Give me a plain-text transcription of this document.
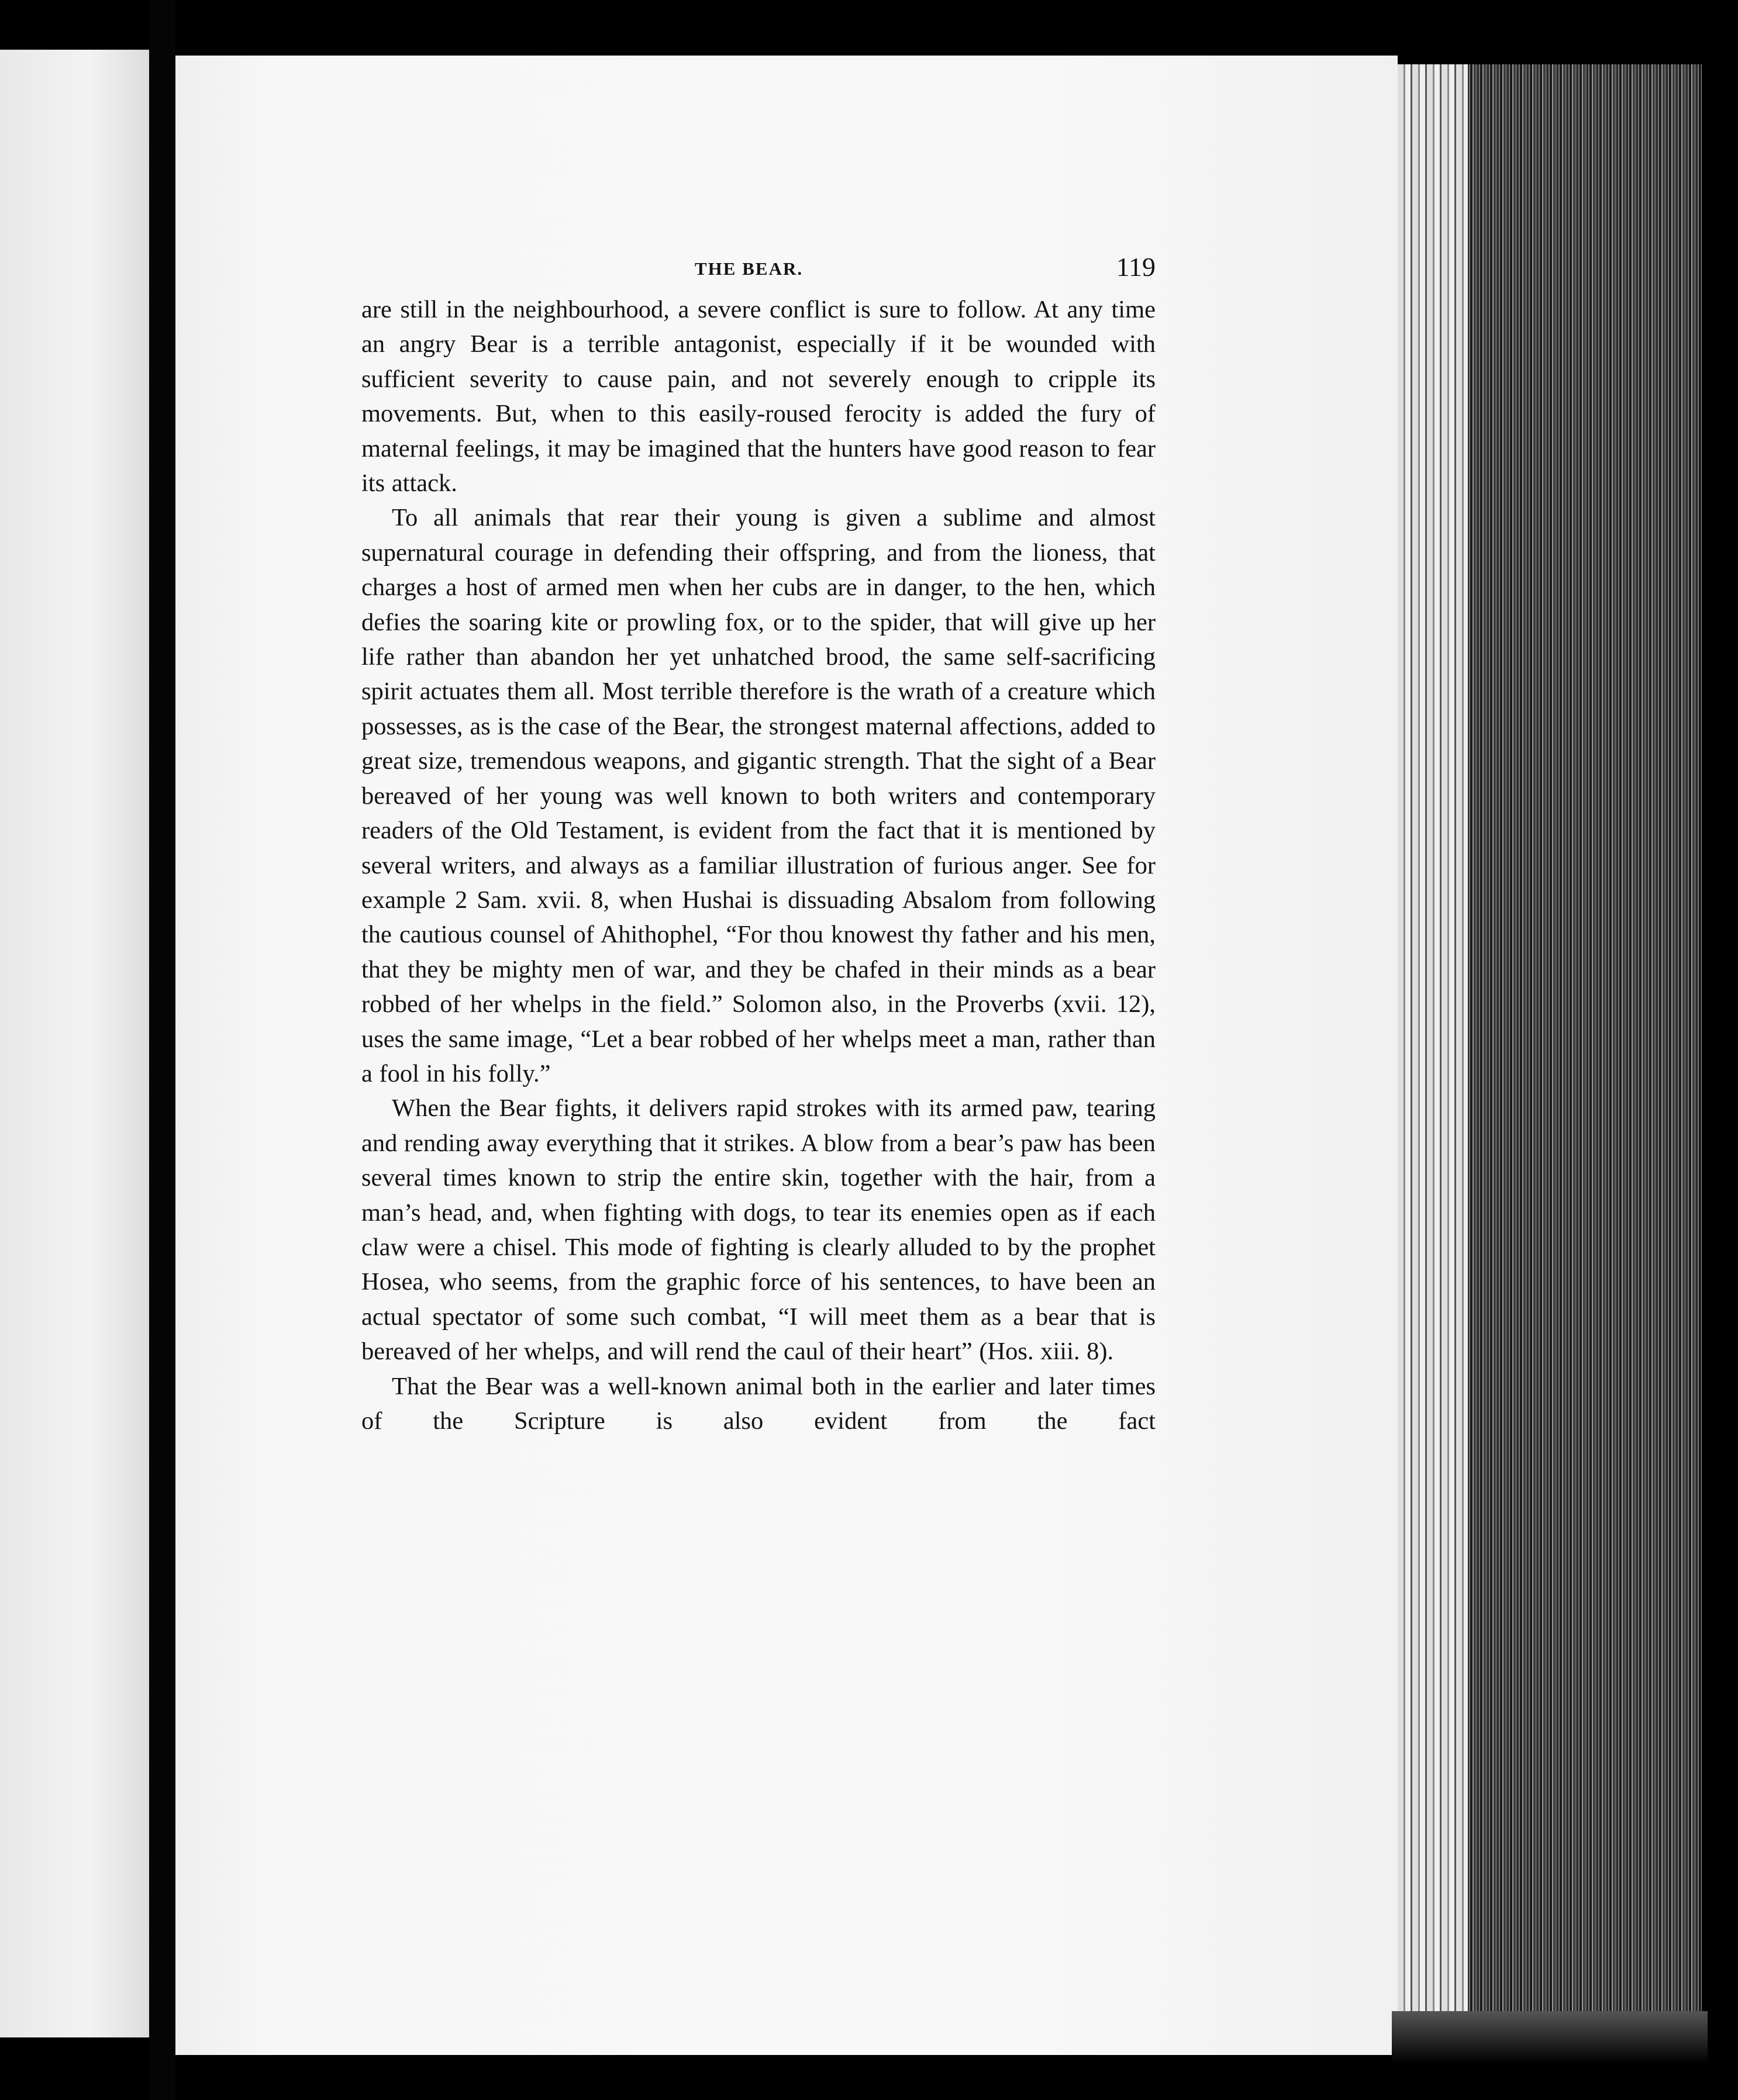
THE BEAR.	119

are still in the neighbourhood, a severe conflict is sure to follow. At any time an angry Bear is a terrible antagonist, especially if it be wounded with sufficient severity to cause pain, and not severely enough to cripple its movements. But, when to this easily-roused ferocity is added the fury of maternal feelings, it may be imagined that the hunters have good reason to fear its attack.

To all animals that rear their young is given a sublime and almost supernatural courage in defending their offspring, and from the lioness, that charges a host of armed men when her cubs are in danger, to the hen, which defies the soaring kite or prowling fox, or to the spider, that will give up her life rather than abandon her yet unhatched brood, the same self-sacrificing spirit actuates them all. Most terrible therefore is the wrath of a creature which possesses, as is the case of the Bear, the strongest maternal affections, added to great size, tremendous weapons, and gigantic strength. That the sight of a Bear bereaved of her young was well known to both writers and contemporary readers of the Old Testament, is evident from the fact that it is mentioned by several writers, and always as a familiar illustration of furious anger. See for example 2 Sam. xvii. 8, when Hushai is dissuading Absalom from following the cautious counsel of Ahithophel, “For thou knowest thy father and his men, that they be mighty men of war, and they be chafed in their minds as a bear robbed of her whelps in the field.” Solomon also, in the Proverbs (xvii. 12), uses the same image, “Let a bear robbed of her whelps meet a man, rather than a fool in his folly.”

When the Bear fights, it delivers rapid strokes with its armed paw, tearing and rending away everything that it strikes. A blow from a bear’s paw has been several times known to strip the entire skin, together with the hair, from a man’s head, and, when fighting with dogs, to tear its enemies open as if each claw were a chisel. This mode of fighting is clearly alluded to by the prophet Hosea, who seems, from the graphic force of his sentences, to have been an actual spectator of some such combat, “I will meet them as a bear that is bereaved of her whelps, and will rend the caul of their heart” (Hos. xiii. 8).

That the Bear was a well-known animal both in the earlier and later times of the Scripture is also evident from the fact
